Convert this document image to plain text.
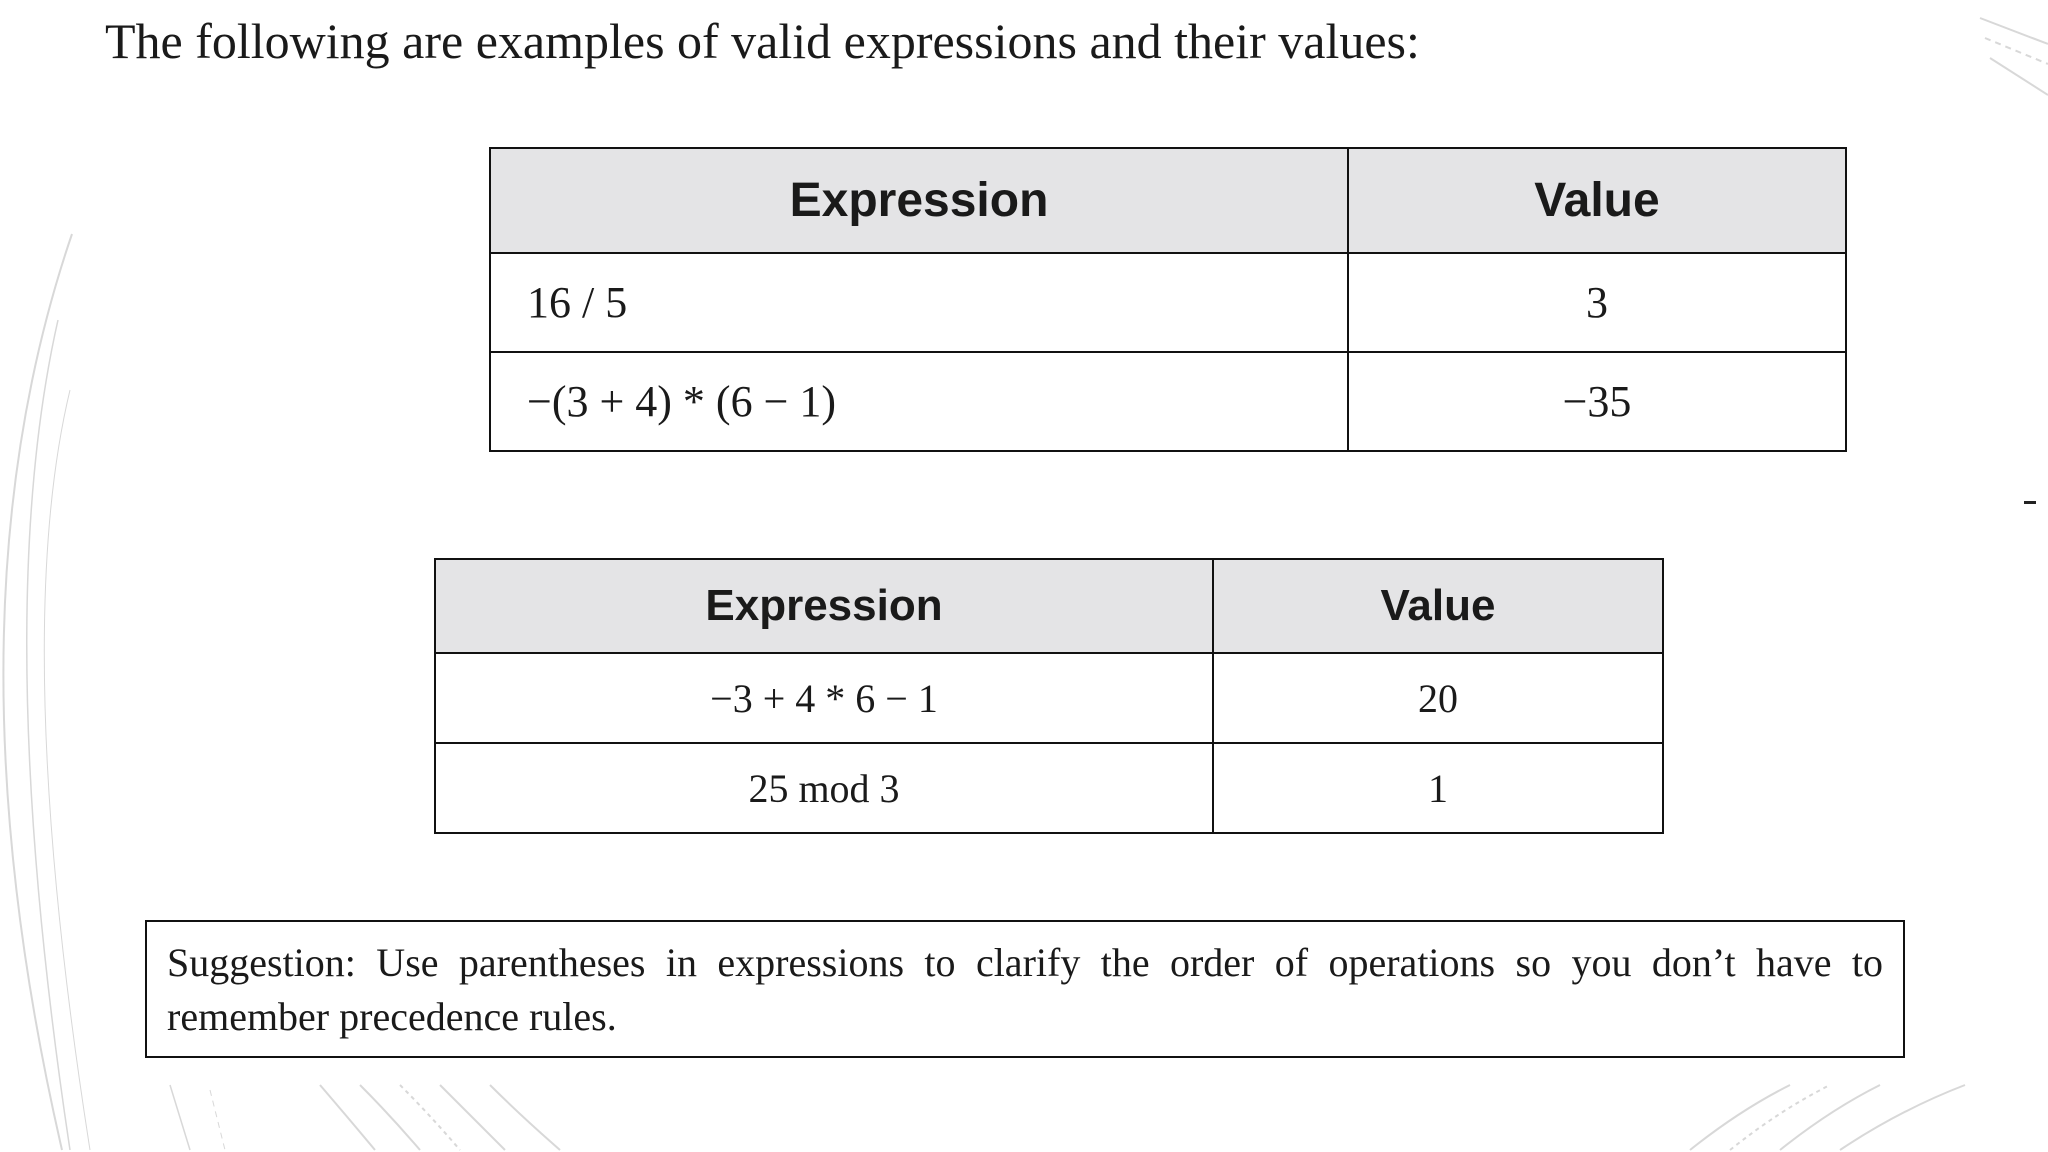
The following are examples of valid expressions and their values:
Expression	Value
16 / 5	3
−(3 + 4) * (6 − 1)	−35
Expression	Value
−3 + 4 * 6 − 1	20
25 mod 3	1
Suggestion: Use parentheses in expressions to clarify the order of operations so you don’t have to remember precedence rules.
